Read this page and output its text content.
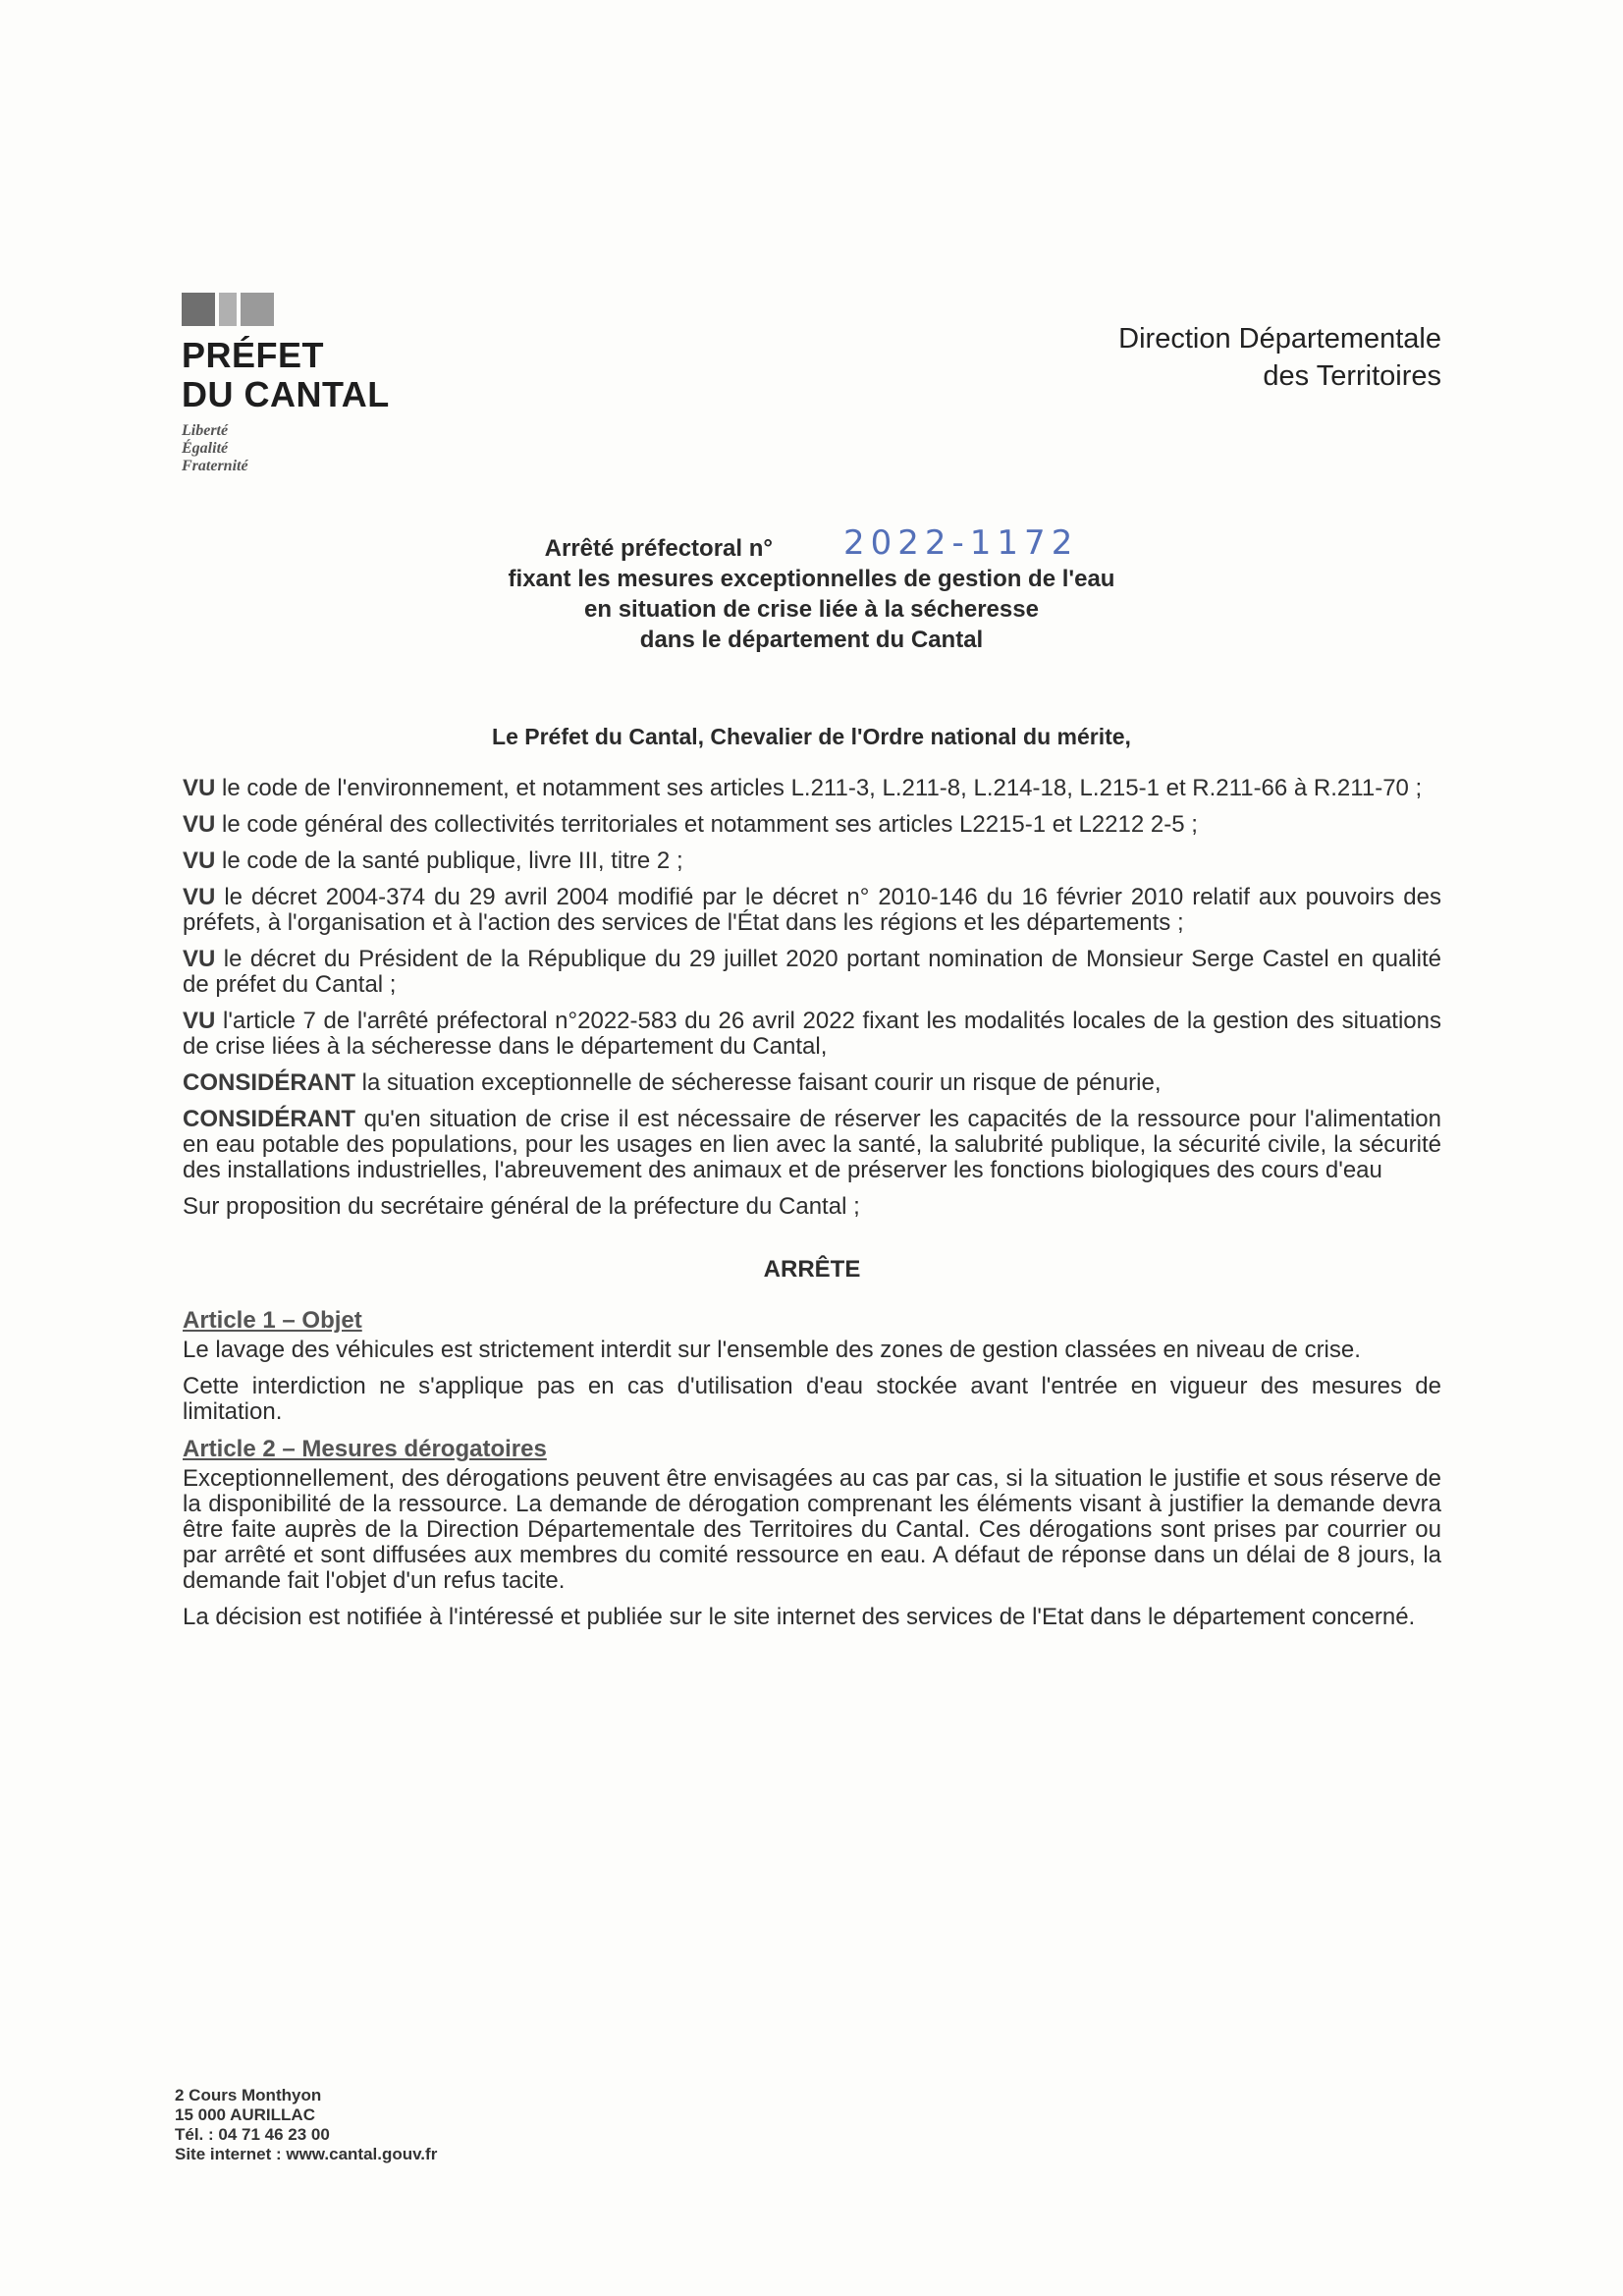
PRÉFET
DU CANTAL
Liberté
Égalité
Fraternité
Direction Départementale
des Territoires
Arrêté préfectoral n° 2022-1172
fixant les mesures exceptionnelles de gestion de l'eau
en situation de crise liée à la sécheresse
dans le département du Cantal
Le Préfet du Cantal, Chevalier de l'Ordre national du mérite,

VU le code de l'environnement, et notamment ses articles L.211-3, L.211-8, L.214-18, L.215-1 et R.211-66 à R.211-70 ;

VU le code général des collectivités territoriales et notamment ses articles L2215-1 et L2212 2-5 ;

VU le code de la santé publique, livre III, titre 2 ;

VU le décret 2004-374 du 29 avril 2004 modifié par le décret n° 2010-146 du 16 février 2010 relatif aux pouvoirs des préfets, à l'organisation et à l'action des services de l'État dans les régions et les départements ;

VU le décret du Président de la République du 29 juillet 2020 portant nomination de Monsieur Serge Castel en qualité de préfet du Cantal ;

VU l'article 7 de l'arrêté préfectoral n°2022-583 du 26 avril 2022 fixant les modalités locales de la gestion des situations de crise liées à la sécheresse dans le département du Cantal,

CONSIDÉRANT la situation exceptionnelle de sécheresse faisant courir un risque de pénurie,

CONSIDÉRANT qu'en situation de crise il est nécessaire de réserver les capacités de la ressource pour l'alimentation en eau potable des populations, pour les usages en lien avec la santé, la salubrité publique, la sécurité civile, la sécurité des installations industrielles, l'abreuvement des animaux et de préserver les fonctions biologiques des cours d'eau

Sur proposition du secrétaire général de la préfecture du Cantal ;

ARRÊTE
Article 1 – Objet

Le lavage des véhicules est strictement interdit sur l'ensemble des zones de gestion classées en niveau de crise.

Cette interdiction ne s'applique pas en cas d'utilisation d'eau stockée avant l'entrée en vigueur des mesures de limitation.

Article 2 – Mesures dérogatoires

Exceptionnellement, des dérogations peuvent être envisagées au cas par cas, si la situation le justifie et sous réserve de la disponibilité de la ressource. La demande de dérogation comprenant les éléments visant à justifier la demande devra être faite auprès de la Direction Départementale des Territoires du Cantal. Ces dérogations sont prises par courrier ou par arrêté et sont diffusées aux membres du comité ressource en eau. A défaut de réponse dans un délai de 8 jours, la demande fait l'objet d'un refus tacite.

La décision est notifiée à l'intéressé et publiée sur le site internet des services de l'Etat dans le département concerné.

2 Cours Monthyon
15 000 AURILLAC
Tél. : 04 71 46 23 00
Site internet : www.cantal.gouv.fr
